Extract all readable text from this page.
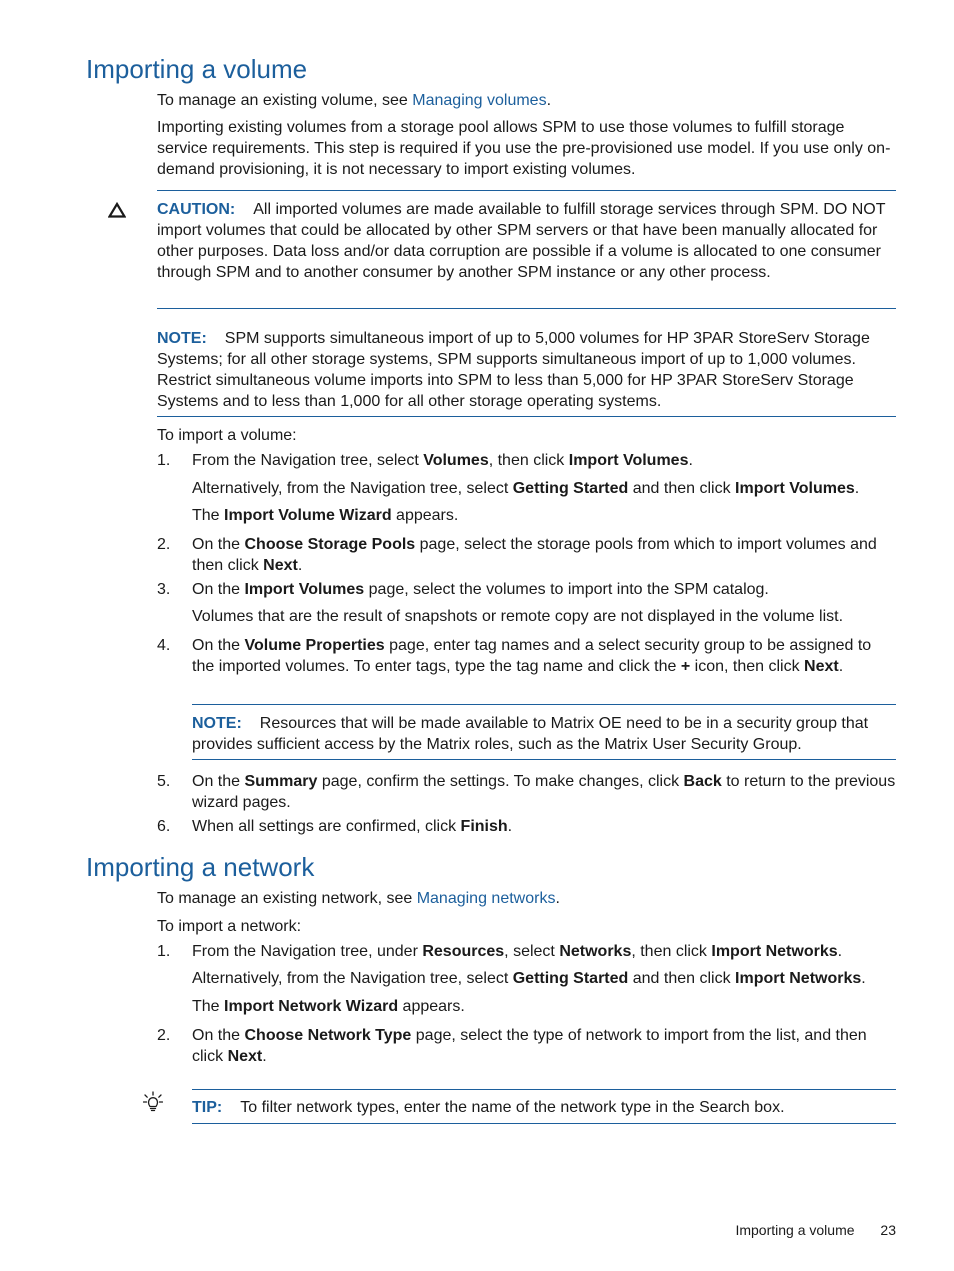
Importing a volume

To manage an existing volume, see Managing volumes.

Importing existing volumes from a storage pool allows SPM to use those volumes to fulfill storage service requirements. This step is required if you use the pre-provisioned use model. If you use only on-demand provisioning, it is not necessary to import existing volumes.

CAUTION: All imported volumes are made available to fulfill storage services through SPM. DO NOT import volumes that could be allocated by other SPM servers or that have been manually allocated for other purposes. Data loss and/or data corruption are possible if a volume is allocated to one consumer through SPM and to another consumer by another SPM instance or any other process.

NOTE: SPM supports simultaneous import of up to 5,000 volumes for HP 3PAR StoreServ Storage Systems; for all other storage systems, SPM supports simultaneous import of up to 1,000 volumes. Restrict simultaneous volume imports into SPM to less than 5,000 for HP 3PAR StoreServ Storage Systems and to less than 1,000 for all other storage operating systems.

To import a volume:

1. From the Navigation tree, select Volumes, then click Import Volumes.

Alternatively, from the Navigation tree, select Getting Started and then click Import Volumes.

The Import Volume Wizard appears.

2. On the Choose Storage Pools page, select the storage pools from which to import volumes and then click Next.

3. On the Import Volumes page, select the volumes to import into the SPM catalog.

Volumes that are the result of snapshots or remote copy are not displayed in the volume list.

4. On the Volume Properties page, enter tag names and a select security group to be assigned to the imported volumes. To enter tags, type the tag name and click the + icon, then click Next.

NOTE: Resources that will be made available to Matrix OE need to be in a security group that provides sufficient access by the Matrix roles, such as the Matrix User Security Group.

5. On the Summary page, confirm the settings. To make changes, click Back to return to the previous wizard pages.

6. When all settings are confirmed, click Finish.

Importing a network

To manage an existing network, see Managing networks.

To import a network:

1. From the Navigation tree, under Resources, select Networks, then click Import Networks.

Alternatively, from the Navigation tree, select Getting Started and then click Import Networks.

The Import Network Wizard appears.

2. On the Choose Network Type page, select the type of network to import from the list, and then click Next.

TIP: To filter network types, enter the name of the network type in the Search box.

Importing a volume 23
